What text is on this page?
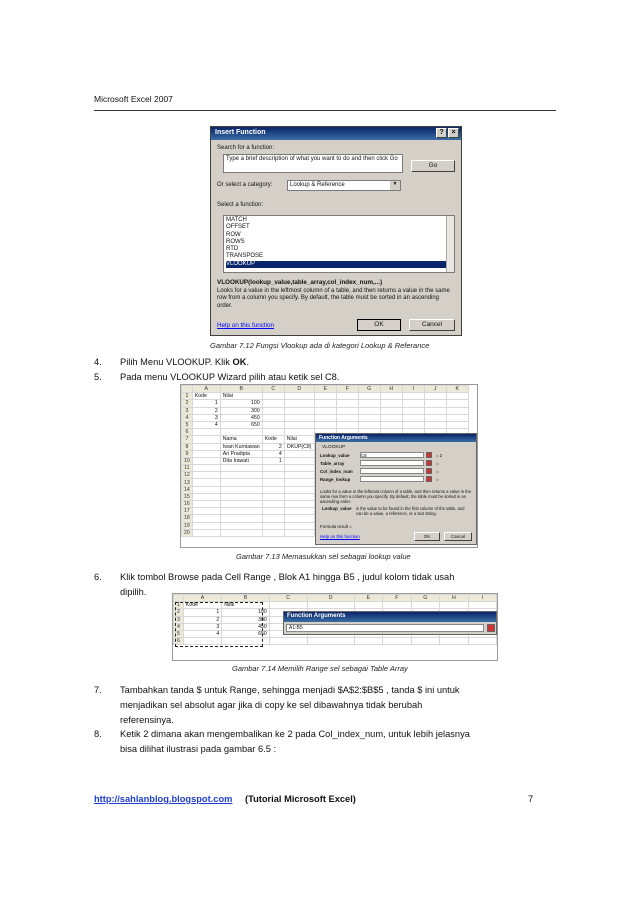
Microsoft Excel 2007
Insert Function	?	×
Search for a function:
Type a brief description of what you want to do and then click Go
Go
Or select a category:	Lookup & Reference	▼
Select a function:
MATCH
OFFSET
ROW
ROWS
RTD
TRANSPOSE
VLOOKUP
VLOOKUP(lookup_value,table_array,col_index_num,...)
Looks for a value in the leftmost column of a table, and then returns a value in the same row from a column you specify. By default, the table must be sorted in an ascending order.
Help on this function	OK	Cancel
Gambar 7.12 Fungsi Vlookup ada di kategori Lookup & Referance
4. Pilih Menu VLOOKUP. Klik OK.
5. Pada menu VLOOKUP Wizard pilih atau ketik sel C8.
	A	B	C	D	E	F	G	H	I	J	K
1	Kode	Nilai									
2	1	100									
3	2	300									
4	3	450									
5	4	650									
6											
7		Nama	Kode	Nilai							
8		Iwan Kurniawan	2	OKUP(C8)							
9		Ari Pradipta	4								
10		Dita Irawati	1								
11											
12											
13											
14											
15											
16											
17											
18											
19											
20											
Function Arguments
VLOOKUP
Lookup_value	C8	= 2
Table_array	=
Col_index_num	=
Range_lookup	=
Looks for a value in the leftmost column of a table, and then returns a value in the same row from a column you specify. By default, the table must be sorted in an ascending order.
Lookup_value is the value to be found in the first column of the table, and can be a value, a reference, or a text string.
Formula result =
Help on this function	OK	Cancel
Gambar 7.13 Memasukkan sel sebagai lookup value
6. Klik tombol Browse pada Cell Range , Blok A1 hingga B5 , judul kolom tidak usah
dipilih.
	A	B	C	D	E	F	G	H	I
1	Kode	Nilai							
2	1	100							
3	2	300							
4	3	450							
5	4	650							
6									
Function Arguments
A1:B5
Gambar 7.14 Memilih Range sel sebagai Table Array
7. Tambahkan tanda $ untuk Range, sehingga menjadi $A$2:$B$5 , tanda $ ini untuk
menjadikan sel absolut agar jika di copy ke sel dibawahnya tidak berubah
referensinya.
8. Ketik 2 dimana akan mengembalikan ke 2 pada Col_index_num, untuk lebih jelasnya
bisa dilihat ilustrasi pada gambar 6.5 :
http://sahlanblog.blogspot.com (Tutorial Microsoft Excel)	7
